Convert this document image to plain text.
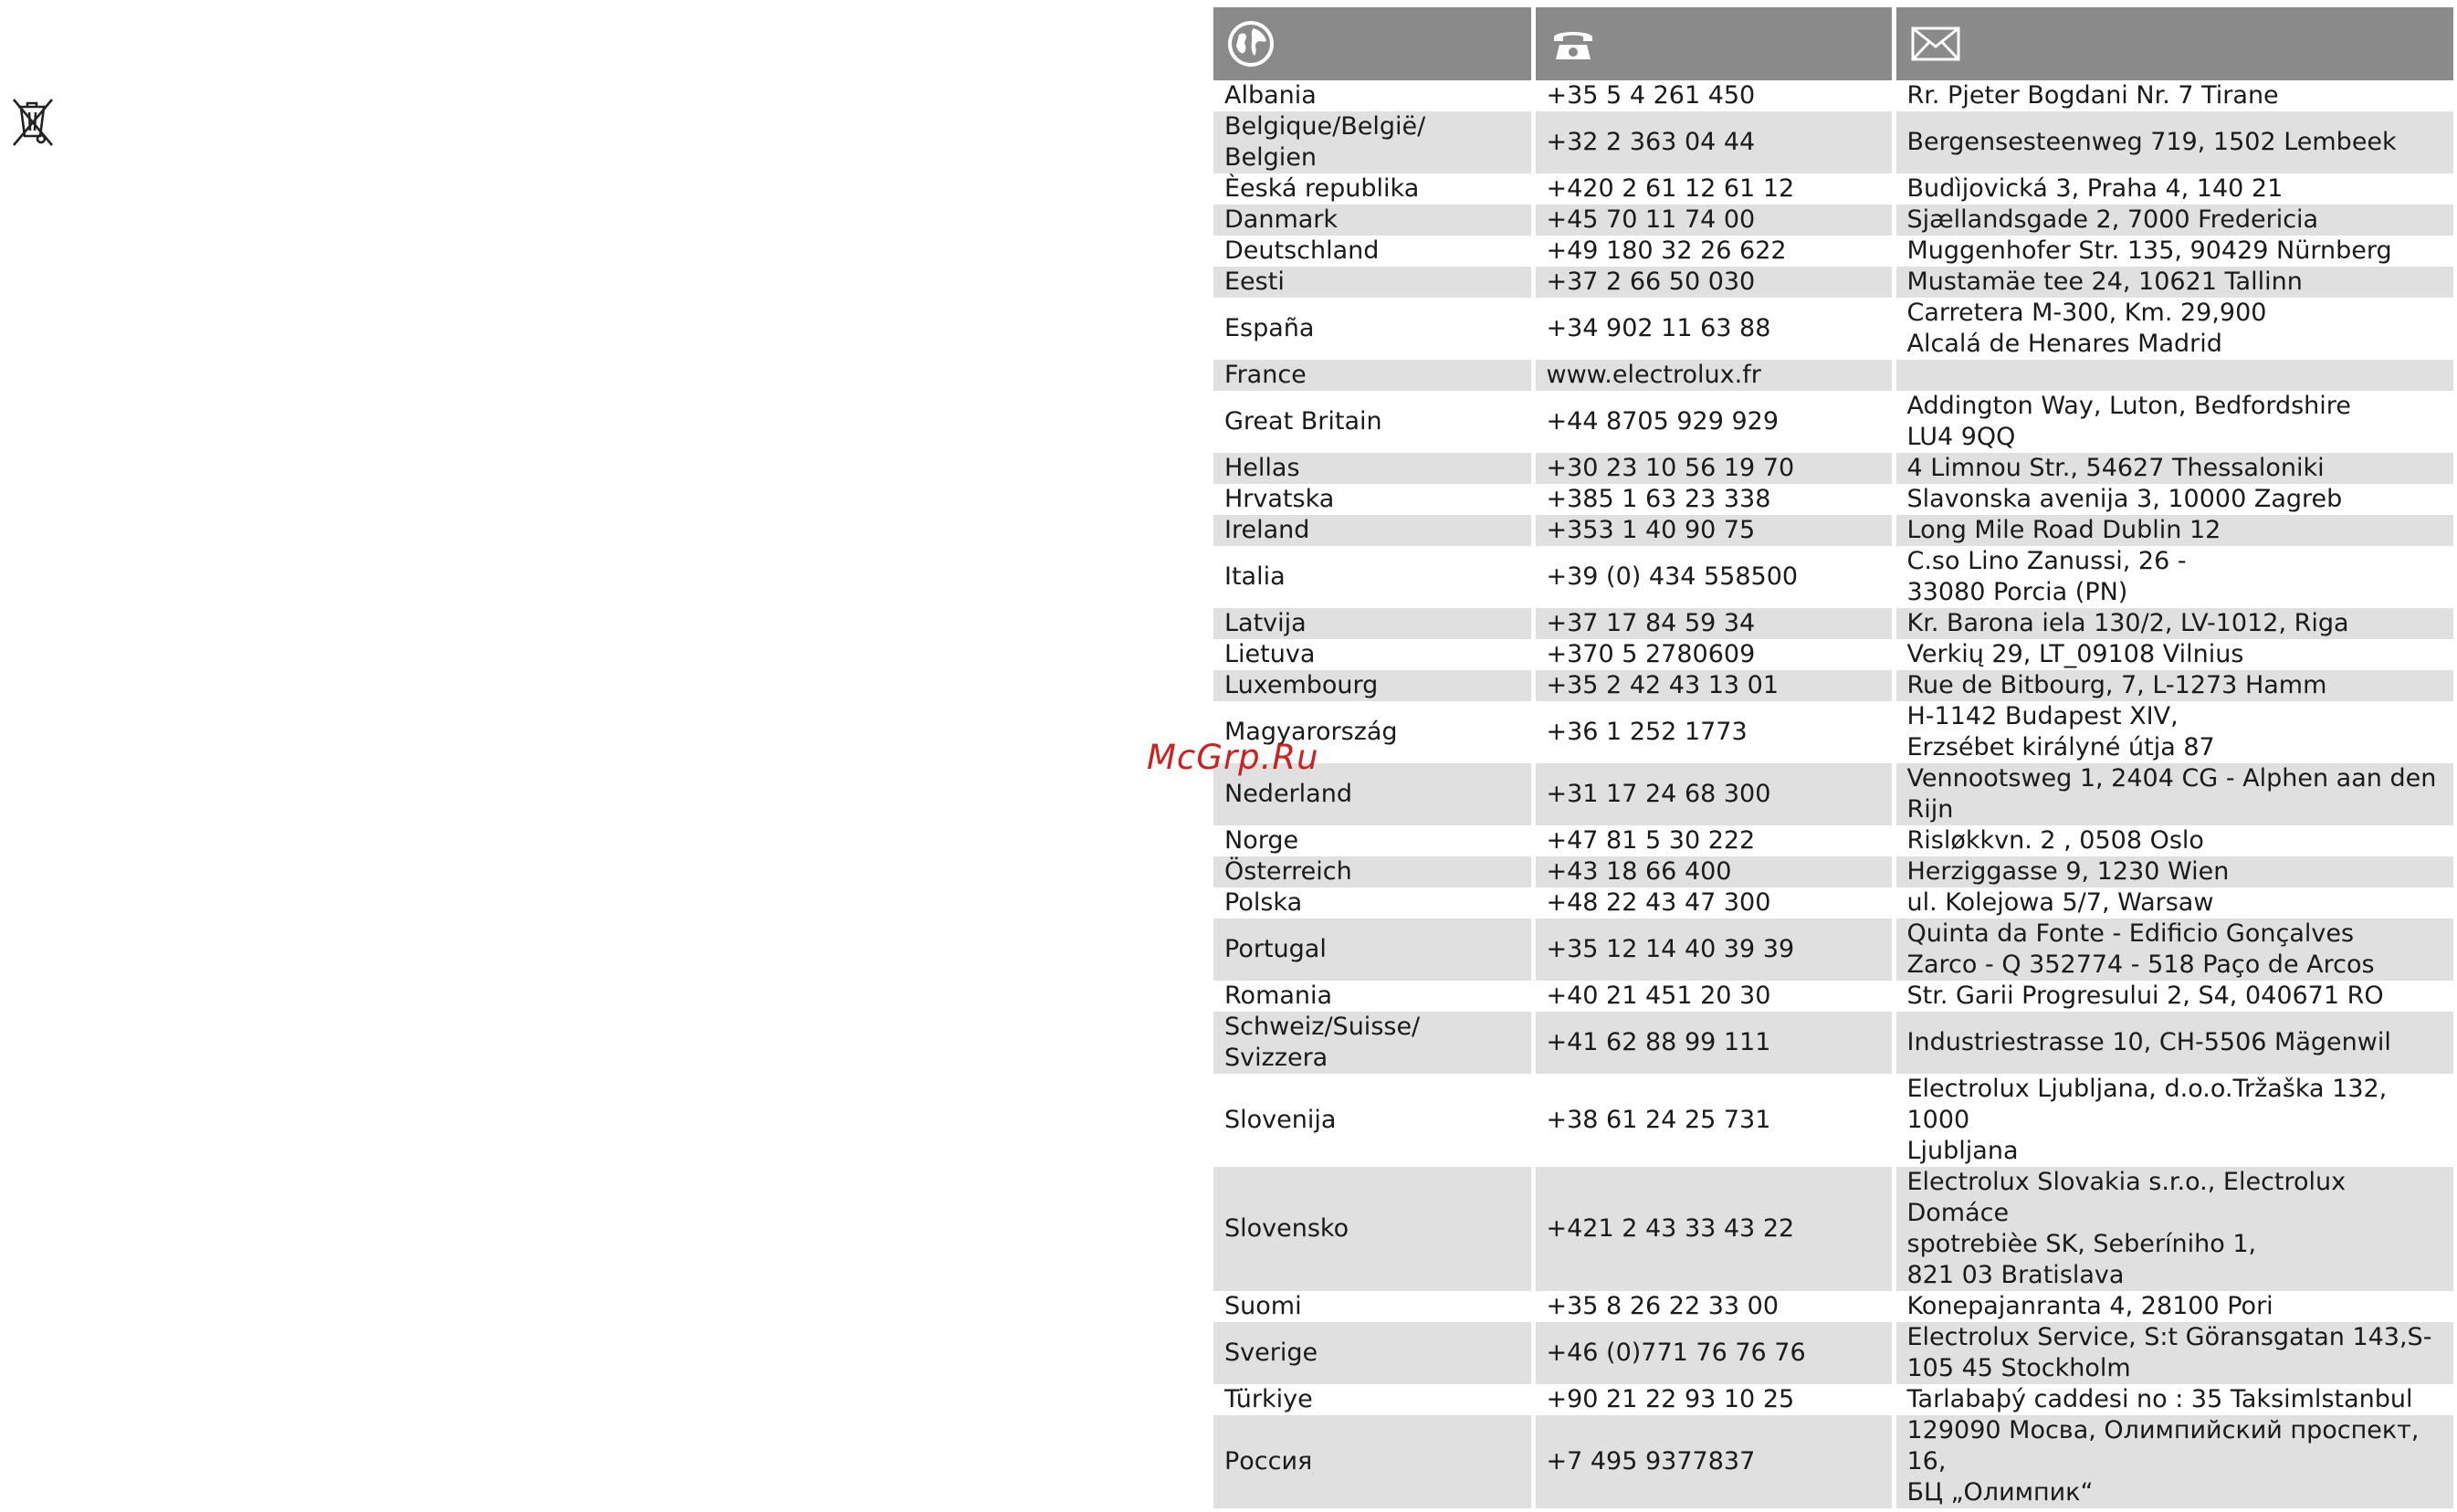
Albania	+35 5 4 261 450	Rr. Pjeter Bogdani Nr. 7 Tirane
Belgique/België/
Belgien	+32 2 363 04 44	Bergensesteenweg 719, 1502 Lembeek
Èeská republika	+420 2 61 12 61 12	Budìjovická 3, Praha 4, 140 21
Danmark	+45 70 11 74 00	Sjællandsgade 2, 7000 Fredericia
Deutschland	+49 180 32 26 622	Muggenhofer Str. 135, 90429 Nürnberg
Eesti	+37 2 66 50 030	Mustamäe tee 24, 10621 Tallinn
España	+34 902 11 63 88	Carretera M-300, Km. 29,900
Alcalá de Henares Madrid
France	www.electrolux.fr	
Great Britain	+44 8705 929 929	Addington Way, Luton, Bedfordshire
LU4 9QQ
Hellas	+30 23 10 56 19 70	4 Limnou Str., 54627 Thessaloniki
Hrvatska	+385 1 63 23 338	Slavonska avenija 3, 10000 Zagreb
Ireland	+353 1 40 90 75	Long Mile Road Dublin 12
Italia	+39 (0) 434 558500	C.so Lino Zanussi, 26 -
33080 Porcia (PN)
Latvija	+37 17 84 59 34	Kr. Barona iela 130/2, LV-1012, Riga
Lietuva	+370 5 2780609	Verkių 29, LT_09108 Vilnius
Luxembourg	+35 2 42 43 13 01	Rue de Bitbourg, 7, L-1273 Hamm
Magyarország	+36 1 252 1773	H-1142 Budapest XIV,
Erzsébet királyné útja 87
Nederland	+31 17 24 68 300	Vennootsweg 1, 2404 CG - Alphen aan den
Rijn
Norge	+47 81 5 30 222	Risløkkvn. 2 , 0508 Oslo
Österreich	+43 18 66 400	Herziggasse 9, 1230 Wien
Polska	+48 22 43 47 300	ul. Kolejowa 5/7, Warsaw
Portugal	+35 12 14 40 39 39	Quinta da Fonte - Edificio Gonçalves
Zarco - Q 352774 - 518 Paço de Arcos
Romania	+40 21 451 20 30	Str. Garii Progresului 2, S4, 040671 RO
Schweiz/Suisse/
Svizzera	+41 62 88 99 111	Industriestrasse 10, CH-5506 Mägenwil
Slovenija	+38 61 24 25 731	Electrolux Ljubljana, d.o.o.Tržaška 132, 1000
Ljubljana
Slovensko	+421 2 43 33 43 22	Electrolux Slovakia s.r.o., Electrolux Domáce
spotrebièe SK, Seberíniho 1,
821 03 Bratislava
Suomi	+35 8 26 22 33 00	Konepajanranta 4, 28100 Pori
Sverige	+46 (0)771 76 76 76	Electrolux Service, S:t Göransgatan 143,S-
105 45 Stockholm
Türkiye	+90 21 22 93 10 25	Tarlabaþý caddesi no : 35 Taksimlstanbul
Россия	+7 495 9377837	129090 Мосва, Олимпийский проспект, 16,
БЦ „Олимпик“
McGrp.Ru
